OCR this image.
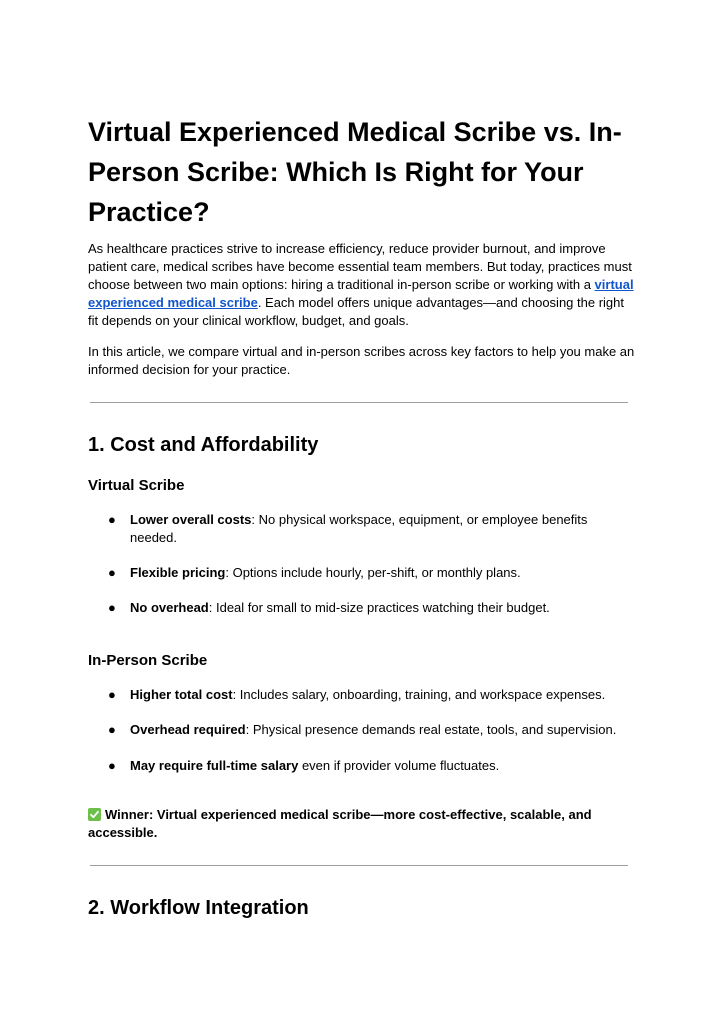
Virtual Experienced Medical Scribe vs. In-Person Scribe: Which Is Right for Your Practice?

As healthcare practices strive to increase efficiency, reduce provider burnout, and improve patient care, medical scribes have become essential team members. But today, practices must choose between two main options: hiring a traditional in-person scribe or working with a virtual experienced medical scribe. Each model offers unique advantages—and choosing the right fit depends on your clinical workflow, budget, and goals.

In this article, we compare virtual and in-person scribes across key factors to help you make an informed decision for your practice.

1. Cost and Affordability
Virtual Scribe
●	Lower overall costs: No physical workspace, equipment, or employee benefits needed.
●	Flexible pricing: Options include hourly, per-shift, or monthly plans.
●	No overhead: Ideal for small to mid-size practices watching their budget.
In-Person Scribe
●	Higher total cost: Includes salary, onboarding, training, and workspace expenses.
●	Overhead required: Physical presence demands real estate, tools, and supervision.
●	May require full-time salary even if provider volume fluctuates.
Winner: Virtual experienced medical scribe—more cost-effective, scalable, and accessible.
2. Workflow Integration
